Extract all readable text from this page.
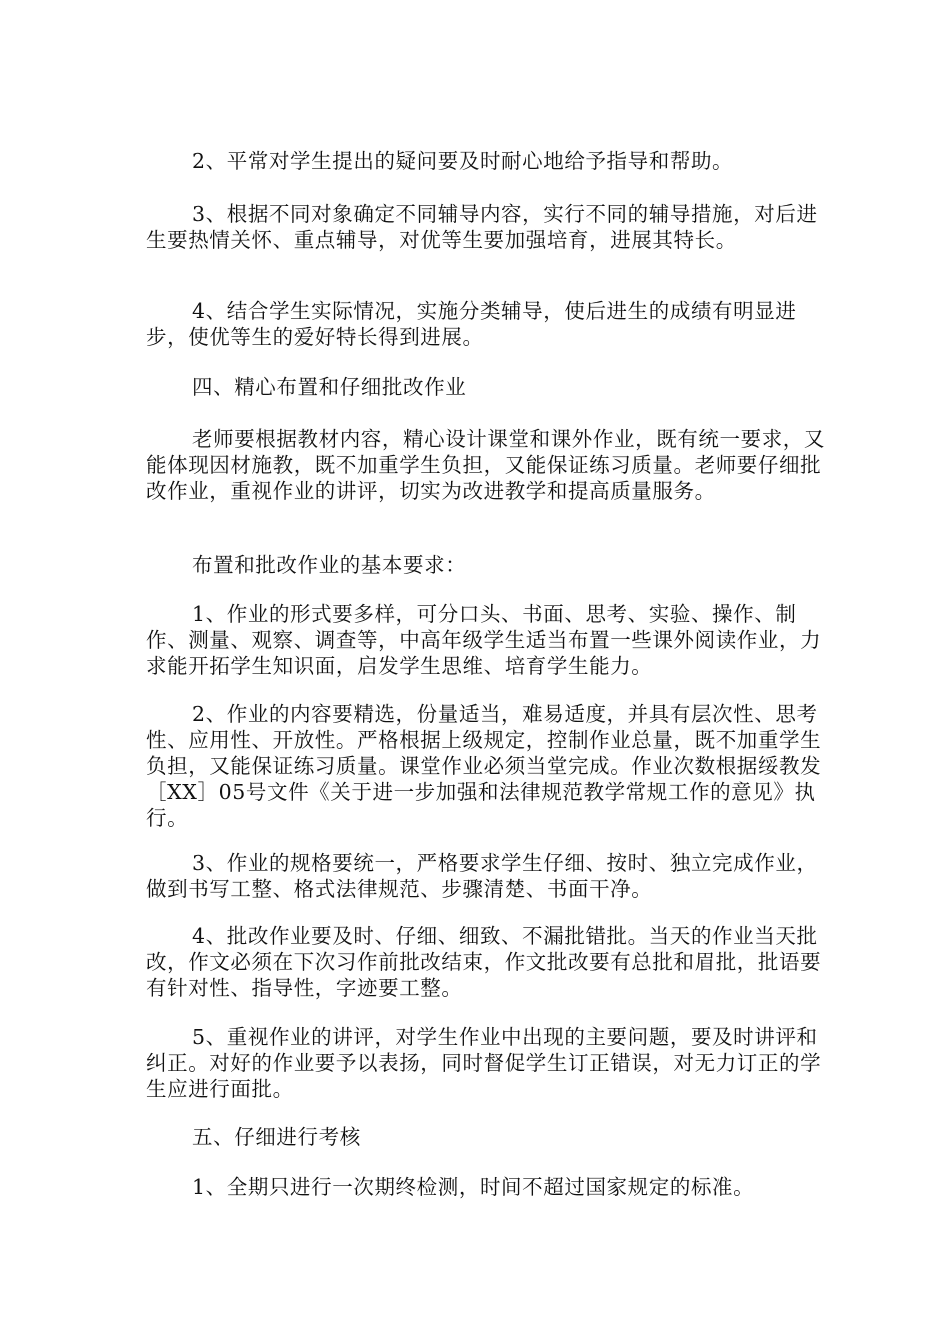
2、平常对学生提出的疑问要及时耐心地给予指导和帮助。

3、根据不同对象确定不同辅导内容，实行不同的辅导措施，对后进生要热情关怀、重点辅导，对优等生要加强培育，进展其特长。

4、结合学生实际情况，实施分类辅导，使后进生的成绩有明显进步，使优等生的爱好特长得到进展。

四、精心布置和仔细批改作业

老师要根据教材内容，精心设计课堂和课外作业，既有统一要求，又能体现因材施教，既不加重学生负担，又能保证练习质量。老师要仔细批改作业，重视作业的讲评，切实为改进教学和提高质量服务。

布置和批改作业的基本要求：

1、作业的形式要多样，可分口头、书面、思考、实验、操作、制作、测量、观察、调查等，中高年级学生适当布置一些课外阅读作业，力求能开拓学生知识面，启发学生思维、培育学生能力。

2、作业的内容要精选，份量适当，难易适度，并具有层次性、思考性、应用性、开放性。严格根据上级规定，控制作业总量，既不加重学生负担，又能保证练习质量。课堂作业必须当堂完成。作业次数根据绥教发［XX］05号文件《关于进一步加强和法律规范教学常规工作的意见》执行。

3、作业的规格要统一，严格要求学生仔细、按时、独立完成作业，做到书写工整、格式法律规范、步骤清楚、书面干净。

4、批改作业要及时、仔细、细致、不漏批错批。当天的作业当天批改，作文必须在下次习作前批改结束，作文批改要有总批和眉批，批语要有针对性、指导性，字迹要工整。

5、重视作业的讲评，对学生作业中出现的主要问题，要及时讲评和纠正。对好的作业要予以表扬，同时督促学生订正错误，对无力订正的学生应进行面批。

五、仔细进行考核

1、全期只进行一次期终检测，时间不超过国家规定的标准。
